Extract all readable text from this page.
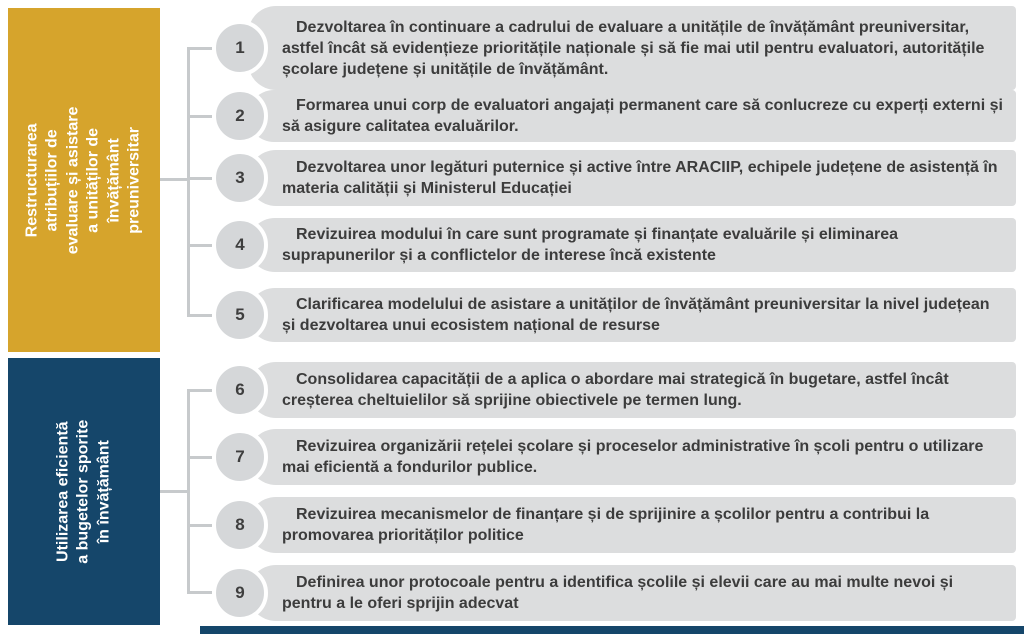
Restructurarea atribuțiilor de evaluare și asistare a unităților de învățământ preuniversitar
Utilizarea eficientă a bugetelor sporite în învățământ

Dezvoltarea în continuare a cadrului de evaluare a unitățile de învățământ preuniversitar, astfel încât să evidențieze prioritățile naționale și să fie mai util pentru evaluatori, autoritățile școlare județene și unitățile de învățământ.

1

Formarea unui corp de evaluatori angajați permanent care să conlucreze cu experți externi și să asigure calitatea evaluărilor.

2

Dezvoltarea unor legături puternice și active între ARACIIP, echipele județene de asistență în materia calității și Ministerul Educației

3

Revizuirea modului în care sunt programate și finanțate evaluările și eliminarea suprapunerilor și a conflictelor de interese încă existente

4

Clarificarea modelului de asistare a unităților de învățământ preuniversitar la nivel județean și dezvoltarea unui ecosistem național de resurse

5

Consolidarea capacității de a aplica o abordare mai strategică în bugetare, astfel încât creșterea cheltuielilor să sprijine obiectivele pe termen lung.

6

Revizuirea organizării rețelei școlare și proceselor administrative în școli pentru o utilizare mai eficientă a fondurilor publice.

7

Revizuirea mecanismelor de finanțare și de sprijinire a școlilor pentru a contribui la promovarea priorităților politice

8

Definirea unor protocoale pentru a identifica școlile și elevii care au mai multe nevoi și pentru a le oferi sprijin adecvat

9
